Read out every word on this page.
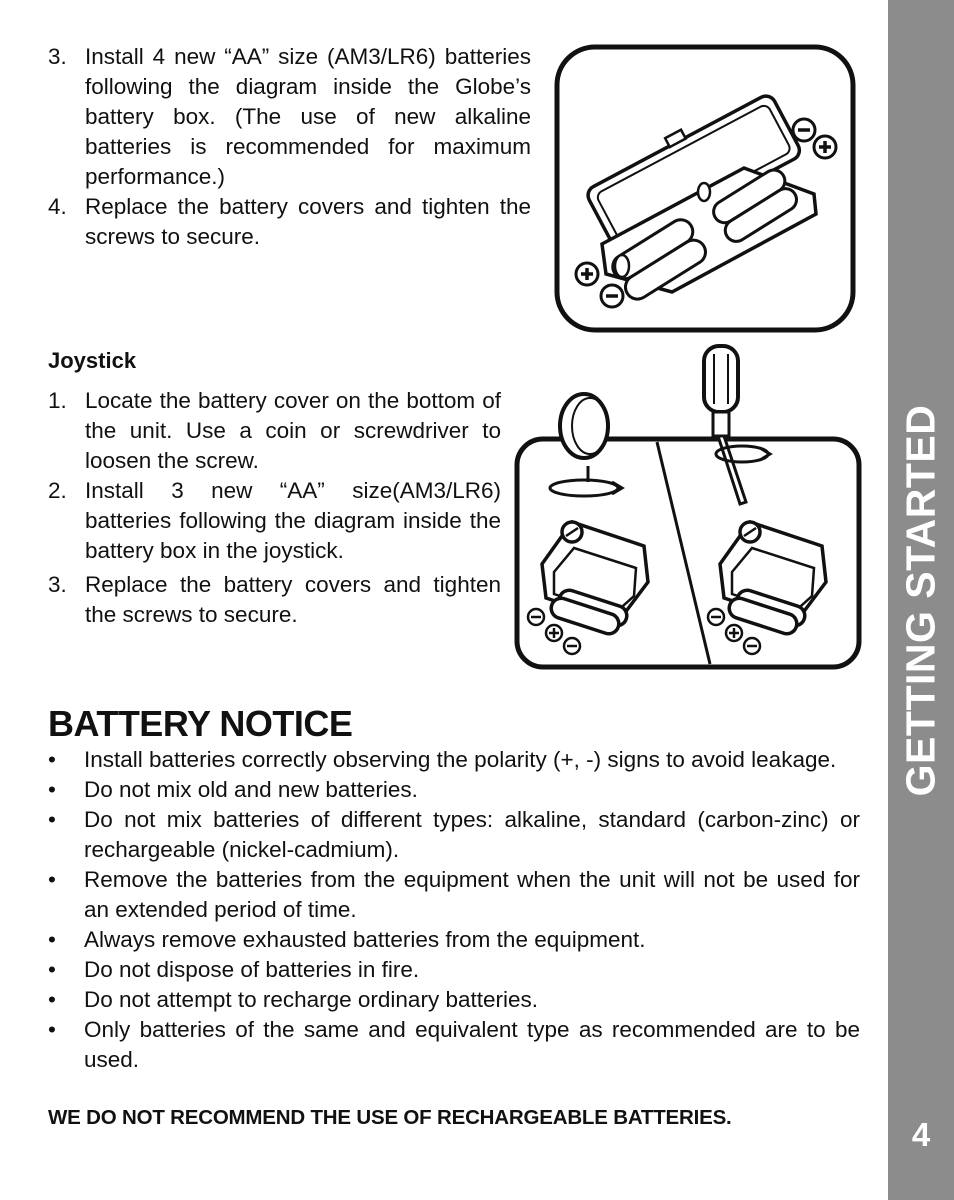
GETTING STARTED
4
3. Install 4 new “AA” size (AM3/LR6) batteries following the diagram inside the Globe’s battery box. (The use of new alkaline batteries is recommended for maximum performance.)
4. Replace the battery covers and tighten the screws to secure.
Joystick
1. Locate the battery cover on the bottom of the unit. Use a coin or screwdriver to loosen the screw.
2. Install 3 new “AA” size(AM3/LR6) batteries following the diagram inside the battery box in the joystick.
3. Replace the battery covers and tighten the screws to secure.
BATTERY NOTICE
• Install batteries correctly observing the polarity (+, -) signs to avoid leakage.
• Do not mix old and new batteries.
• Do not mix batteries of different types: alkaline, standard (carbon-zinc) or rechargeable (nickel-cadmium).
• Remove the batteries from the equipment when the unit will not be used for an extended period of time.
• Always remove exhausted batteries from the equipment.
• Do not dispose of batteries in fire.
• Do not attempt to recharge ordinary batteries.
• Only batteries of the same and equivalent type as recommended are to be used.
WE DO NOT RECOMMEND THE USE OF RECHARGEABLE BATTERIES.
